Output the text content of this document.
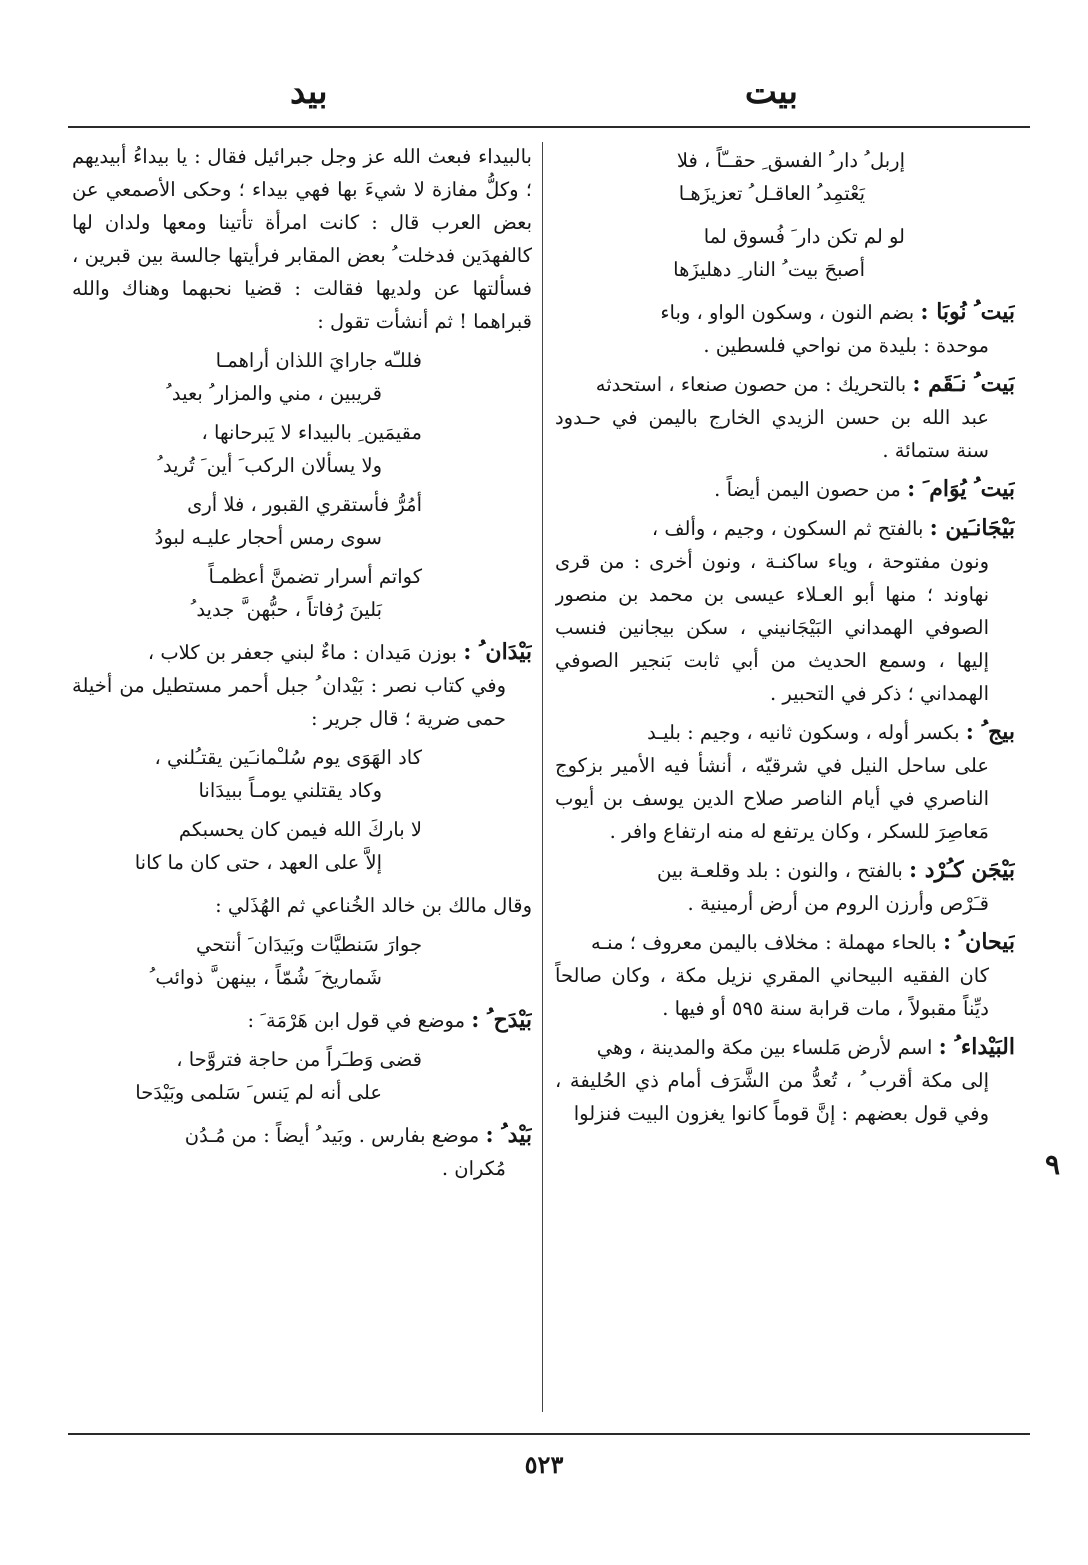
بيت
بيد
٩
إربل ُ دار ُ الفسق ِ حقــّاً ، فلا
يَعْتمِد ُ العاقـل ُ تعزيزَهـا
لو لم تكن دار َ فُسوق لما
أصبحَ بيت ُ النار ِ دهليزَها
بَيت ُ نُوبَا : بضم النون ، وسكون الواو ، وباء
موحدة : بليدة من نواحي فلسطين .
بَيت ُ نـَقَم : بالتحريك : من حصون صنعاء ، استحدثه
عبد الله بن حسن الزيدي الخارج باليمن في حـدود سنة ستمائة .
بَيت ُ يُوَام َ : من حصون اليمن أيضاً .
بَيْجَانـَين : بالفتح ثم السكون ، وجيم ، وألف ،
ونون مفتوحة ، وياء ساكنـة ، ونون أخرى : من قرى نهاوند ؛ منها أبو العـلاء عيسى بن محمد بن منصور الصوفي الهمداني البَيْجَانيني ، سكن بيجانين فنسب إليها ، وسمع الحديث من أبي ثابت بَنجير الصوفي الهمداني ؛ ذكر في التحبير .
بيج ُ : بكسر أوله ، وسكون ثانيه ، وجيم : بليـد
على ساحل النيل في شرقيّه ، أنشأ فيه الأمير بزكوج الناصري في أيام الناصر صلاح الدين يوسف بن أيوب مَعاصِرَ للسكر ، وكان يرتفع له منه ارتفاع وافر .
بَيْجَن كـُرْد : بالفتح ، والنون : بلد وقلعـة بين
قـَرْص وأرزن الروم من أرض أرمينية .
بَيحان ُ : بالحاء مهملة : مخلاف باليمن معروف ؛ منـه
كان الفقيه البيحاني المقري نزيل مكة ، وكان صالحاً ديِّناً مقبولاً ، مات قرابة سنة ٥٩٥ أو فيها .
البَيْداء ُ : اسم لأرض مَلساء بين مكة والمدينة ، وهي
إلى مكة أقرب ُ ، تُعدُّ من الشَّرَف أمام ذي الحُليفة ، وفي قول بعضهم : إنَّ قوماً كانوا يغزون البيت فنزلوا
بالبيداء فبعث الله عز وجل جبرائيل فقال : يا بيداءُ أبيديهم ؛ وكلُّ مفازة لا شيءَ بها فهي بيداء ؛ وحكى الأصمعي عن بعض العرب قال : كانت امرأة تأتينا ومعها ولدان لها كالفهدَين فدخلت ُ بعض المقابر فرأيتها جالسة بين قبرين ، فسألتها عن ولديها فقالت : قضيا نحبهما وهناك والله قبراهما ! ثم أنشأت تقول :
فللـّه جارايَ اللذان أراهمـا
قريبين ، مني والمزار ُ بعيد ُ
مقيمَين ِ بالبيداء لا يَبرحانها ،
ولا يسألان الركب َ أين َ تُريد ُ
أمُرُّ فأستقري القبور ، فلا أرى
سوى رمس أحجار عليـه لبودُ
كواتم أسرار تضمنَّ أعظمـاً
بَلينَ رُفاتاً ، حبُّهن َّ جديد ُ
بَيْدَان ُ : بوزن مَيدان : ماءٌ لبني جعفر بن كلاب ،
وفي كتاب نصر : بَيْدان ُ جبل أحمر مستطيل من أخيلة حمى ضرية ؛ قال جرير :
كاد الهَوَى يوم سُلـْمانـَين يقتـُلني ،
وكاد يقتلني يومـاً ببيدَانا
لا باركَ الله فيمن كان يحسبكم
إلاَّ على العهد ، حتى كان ما كانا
وقال مالك بن خالد الخُناعي ثم الهُذَلي :
جوارَ سَنطيَّات وبَيدَان َ أنتحي
شَماريخ َ شُمّاً ، بينهن َّ ذوائب ُ
بَيْدَح ُ : موضع في قول ابن هَرْمَة َ :
قضى وَطـَراً من حاجة فتروَّحا ،
على أنه لم يَنس َ سَلمى وبَيْدَحا
بَيْد ُ : موضع بفارس . وبَيد ُ أيضاً : من مُـدُن
مُكران .
٥٢٣
